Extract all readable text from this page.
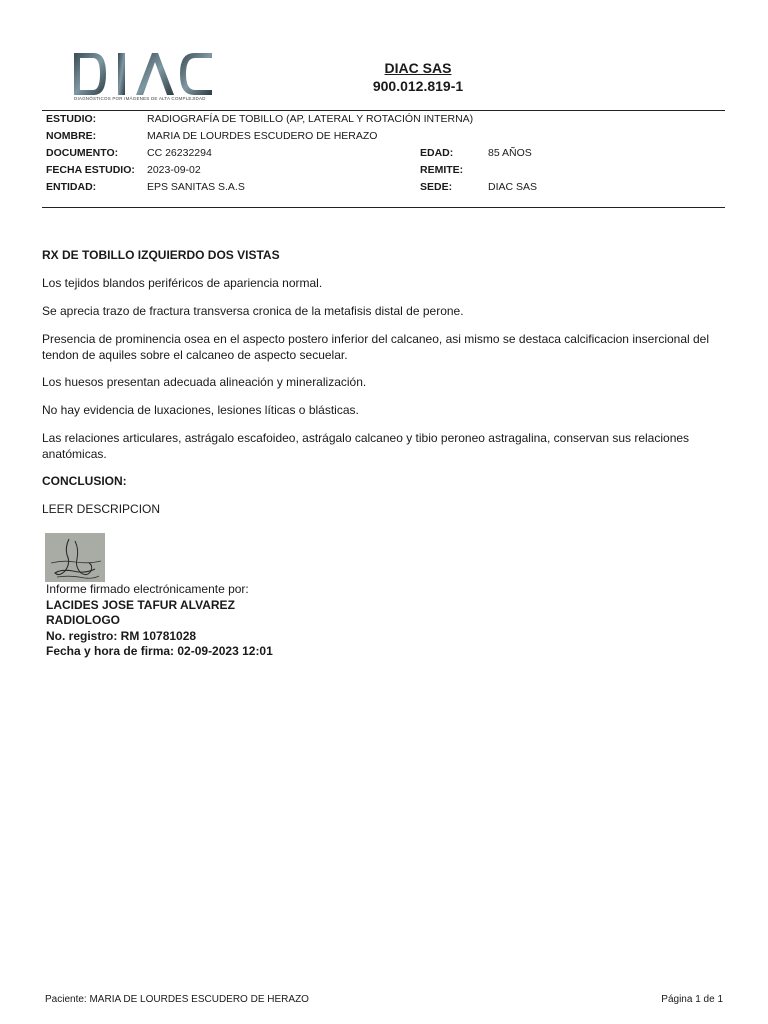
DIAGNÓSTICOS POR IMÁGENES DE ALTA COMPLEJIDAD
DIAC SAS
900.012.819-1
ESTUDIO:	RADIOGRAFÍA DE TOBILLO (AP, LATERAL Y ROTACIÓN INTERNA)
NOMBRE:	MARIA DE LOURDES ESCUDERO DE HERAZO
DOCUMENTO:	CC 26232294	EDAD:	85 AÑOS
FECHA ESTUDIO: 2023-09-02	REMITE:
ENTIDAD:	EPS SANITAS S.A.S	SEDE:	DIAC SAS
RX DE TOBILLO IZQUIERDO DOS VISTAS
Los tejidos blandos periféricos de apariencia normal.
Se aprecia trazo de fractura transversa cronica de la metafisis distal de perone.
Presencia de prominencia osea en el aspecto postero inferior del calcaneo, asi mismo se destaca calcificacion insercional del tendon de aquiles sobre el calcaneo de aspecto secuelar.
Los huesos presentan adecuada alineación y mineralización.
No hay evidencia de luxaciones, lesiones líticas o blásticas.
Las relaciones articulares, astrágalo escafoideo, astrágalo calcaneo y tibio peroneo astragalina, conservan sus relaciones anatómicas.
CONCLUSION:
LEER DESCRIPCION
Informe firmado electrónicamente por:
LACIDES JOSE TAFUR ALVAREZ
RADIOLOGO
No. registro: RM 10781028
Fecha y hora de firma: 02-09-2023 12:01
Paciente: MARIA DE LOURDES ESCUDERO DE HERAZO	Página 1 de 1
